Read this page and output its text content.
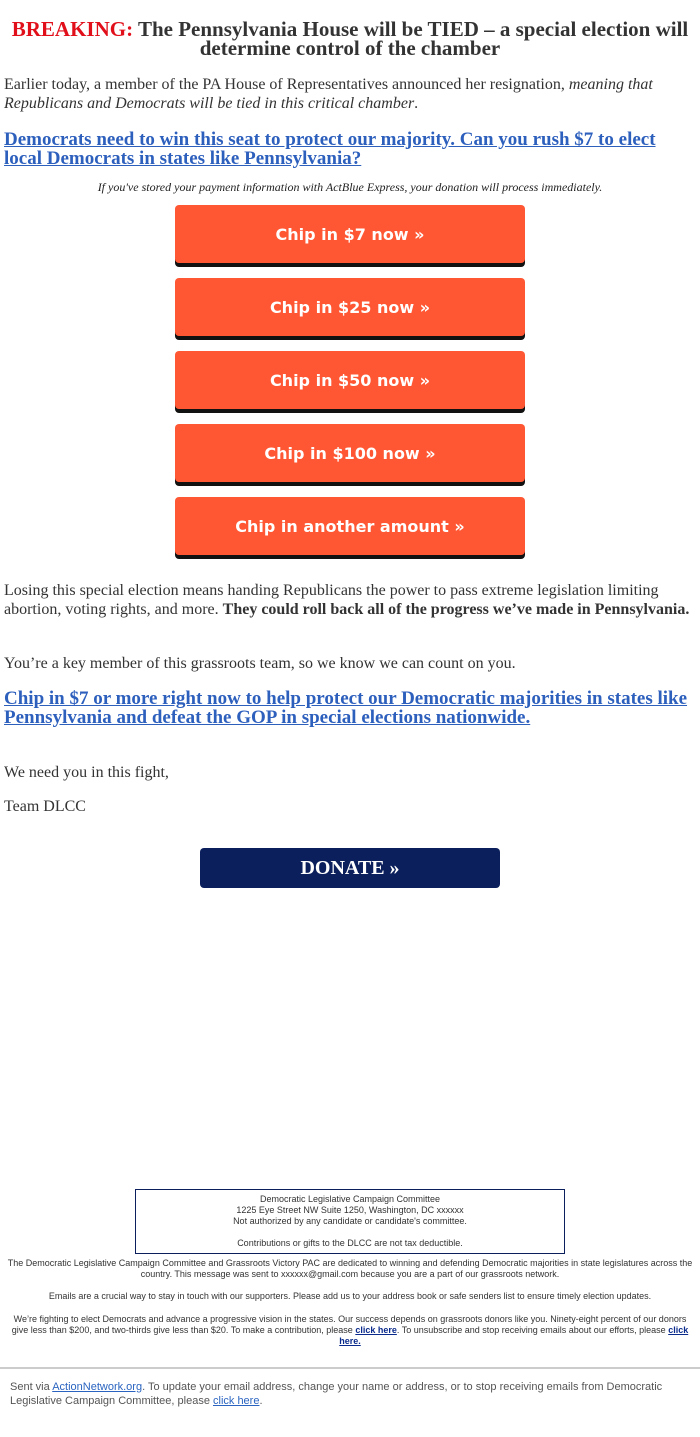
BREAKING: The Pennsylvania House will be TIED – a special election will determine control of the chamber
Earlier today, a member of the PA House of Representatives announced her resignation, meaning that Republicans and Democrats will be tied in this critical chamber.
Democrats need to win this seat to protect our majority. Can you rush $7 to elect local Democrats in states like Pennsylvania?
If you've stored your payment information with ActBlue Express, your donation will process immediately.
Chip in $7 now »
Chip in $25 now »
Chip in $50 now »
Chip in $100 now »
Chip in another amount »
Losing this special election means handing Republicans the power to pass extreme legislation limiting abortion, voting rights, and more. They could roll back all of the progress we’ve made in Pennsylvania.
You’re a key member of this grassroots team, so we know we can count on you.
Chip in $7 or more right now to help protect our Democratic majorities in states like Pennsylvania and defeat the GOP in special elections nationwide.
We need you in this fight,
Team DLCC
DONATE »
Democratic Legislative Campaign Committee
1225 Eye Street NW Suite 1250, Washington, DC xxxxxx
Not authorized by any candidate or candidate's committee.
Contributions or gifts to the DLCC are not tax deductible.
The Democratic Legislative Campaign Committee and Grassroots Victory PAC are dedicated to winning and defending Democratic majorities in state legislatures across the country. This message was sent to xxxxxx@gmail.com because you are a part of our grassroots network.
Emails are a crucial way to stay in touch with our supporters. Please add us to your address book or safe senders list to ensure timely election updates.
We’re fighting to elect Democrats and advance a progressive vision in the states. Our success depends on grassroots donors like you. Ninety-eight percent of our donors give less than $200, and two-thirds give less than $20. To make a contribution, please click here. To unsubscribe and stop receiving emails about our efforts, please click here.
Sent via ActionNetwork.org. To update your email address, change your name or address, or to stop receiving emails from Democratic Legislative Campaign Committee, please click here.
